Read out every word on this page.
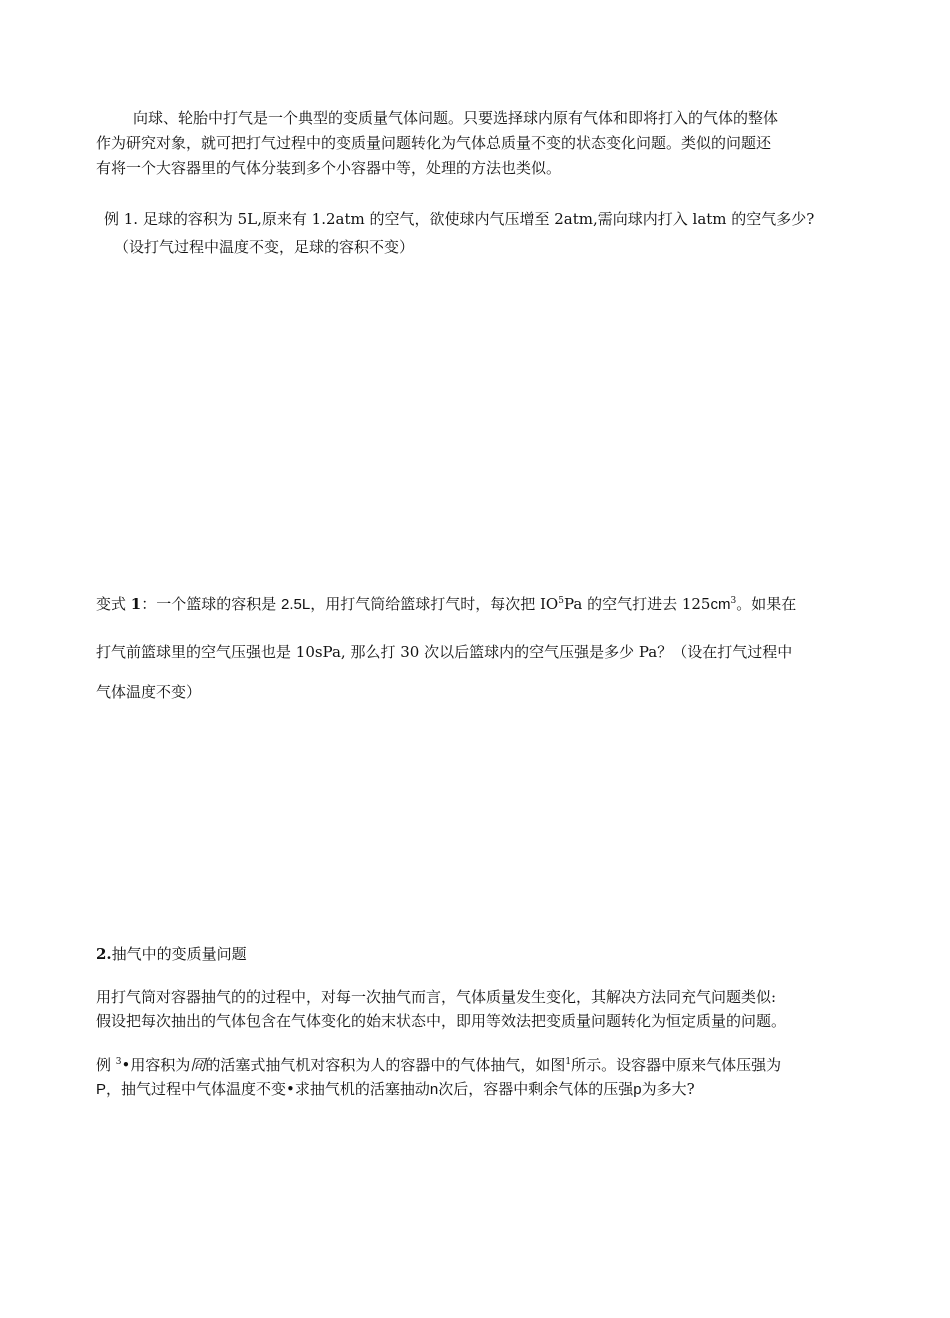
向球、轮胎中打气是一个典型的变质量气体问题。只要选择球内原有气体和即将打入的气体的整体
作为研究对象，就可把打气过程中的变质量问题转化为气体总质量不变的状态变化问题。类似的问题还
有将一个大容器里的气体分装到多个小容器中等，处理的方法也类似。
例 1. 足球的容积为 5L,原来有 1.2atm 的空气，欲使球内气压增至 2atm,需向球内打入 latm 的空气多少?
（设打气过程中温度不变，足球的容积不变）
变式 1：一个篮球的容积是 2.5L，用打气筒给篮球打气时，每次把 $IO^5Pa$ 的空气打进去 $125cm^3$。如果在
打气前篮球里的空气压强也是 10sPa, 那么打 30 次以后篮球内的空气压强是多少 Pa？（设在打气过程中
气体温度不变）
2.抽气中的变质量问题
用打气筒对容器抽气的的过程中，对每一次抽气而言，气体质量发生变化，其解决方法同充气问题类似:
假设把每次抽出的气体包含在气体变化的始末状态中，即用等效法把变质量问题转化为恒定质量的问题。
例 $^3$•用容积为冏的活塞式抽气机对容积为人的容器中的气体抽气，如图$^1$所示。设容器中原来气体压强为
P，抽气过程中气体温度不变•求抽气机的活塞抽动n次后，容器中剩余气体的压强p为多大?
